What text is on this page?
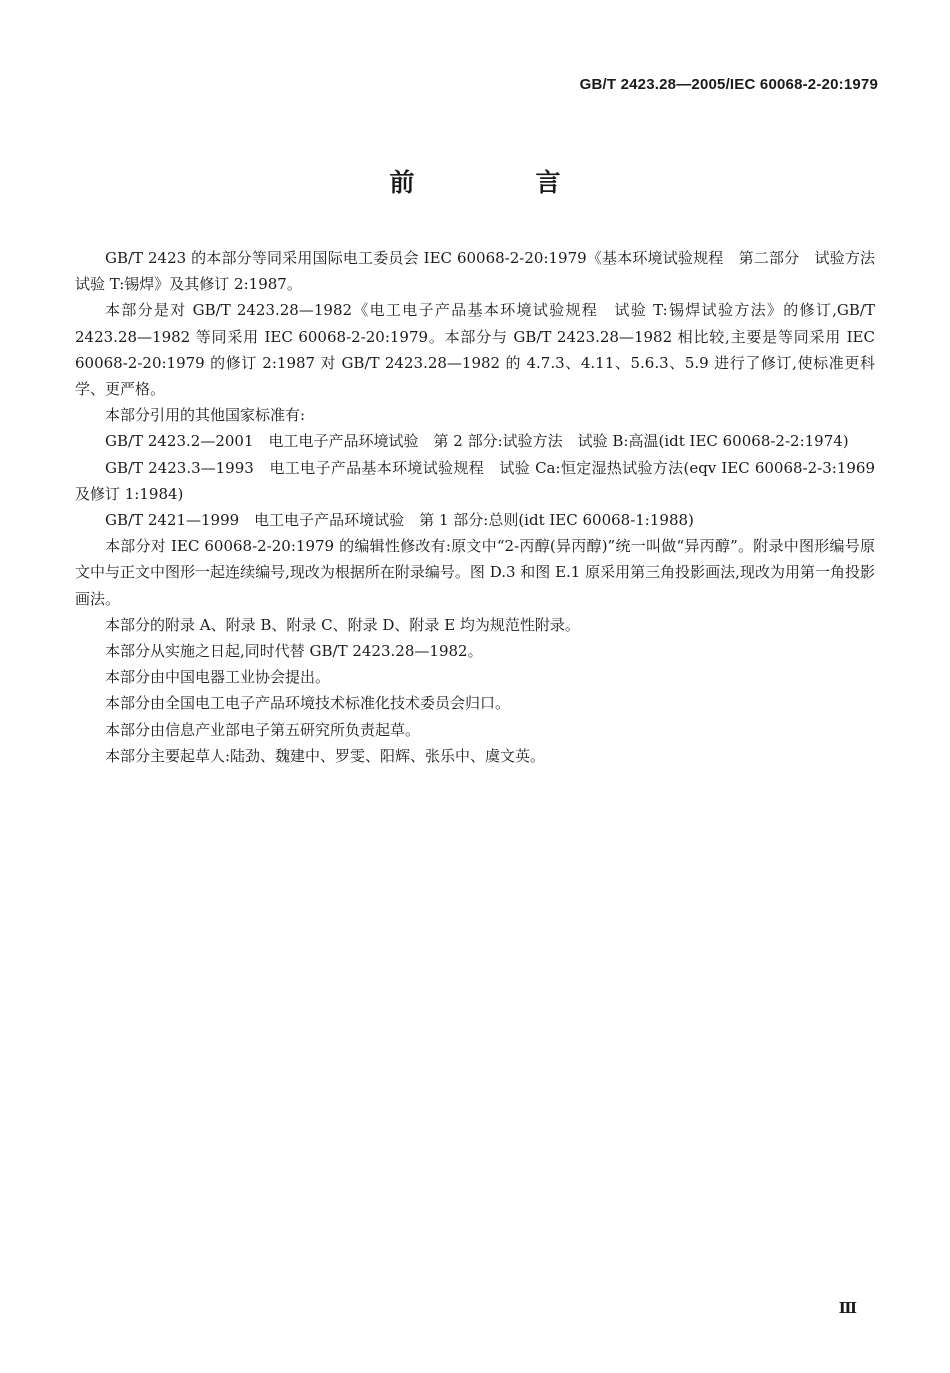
GB/T 2423.28—2005/IEC 60068-2-20:1979
前　言

GB/T 2423 的本部分等同采用国际电工委员会 IEC 60068-2-20:1979《基本环境试验规程　第二部分　试验方法　试验 T:锡焊》及其修订 2:1987。

本部分是对 GB/T 2423.28—1982《电工电子产品基本环境试验规程　试验 T:锡焊试验方法》的修订,GB/T 2423.28—1982 等同采用 IEC 60068-2-20:1979。本部分与 GB/T 2423.28—1982 相比较,主要是等同采用 IEC 60068-2-20:1979 的修订 2:1987 对 GB/T 2423.28—1982 的 4.7.3、4.11、5.6.3、5.9 进行了修订,使标准更科学、更严格。

本部分引用的其他国家标准有:

GB/T 2423.2—2001　电工电子产品环境试验　第 2 部分:试验方法　试验 B:高温(idt IEC 60068-2-2:1974)

GB/T 2423.3—1993　电工电子产品基本环境试验规程　试验 Ca:恒定湿热试验方法(eqv IEC 60068-2-3:1969 及修订 1:1984)

GB/T 2421—1999　电工电子产品环境试验　第 1 部分:总则(idt IEC 60068-1:1988)

本部分对 IEC 60068-2-20:1979 的编辑性修改有:原文中“2-丙醇(异丙醇)”统一叫做“异丙醇”。附录中图形编号原文中与正文中图形一起连续编号,现改为根据所在附录编号。图 D.3 和图 E.1 原采用第三角投影画法,现改为用第一角投影画法。

本部分的附录 A、附录 B、附录 C、附录 D、附录 E 均为规范性附录。

本部分从实施之日起,同时代替 GB/T 2423.28—1982。

本部分由中国电器工业协会提出。

本部分由全国电工电子产品环境技术标准化技术委员会归口。

本部分由信息产业部电子第五研究所负责起草。

本部分主要起草人:陆劲、魏建中、罗雯、阳辉、张乐中、虞文英。

Ⅲ
